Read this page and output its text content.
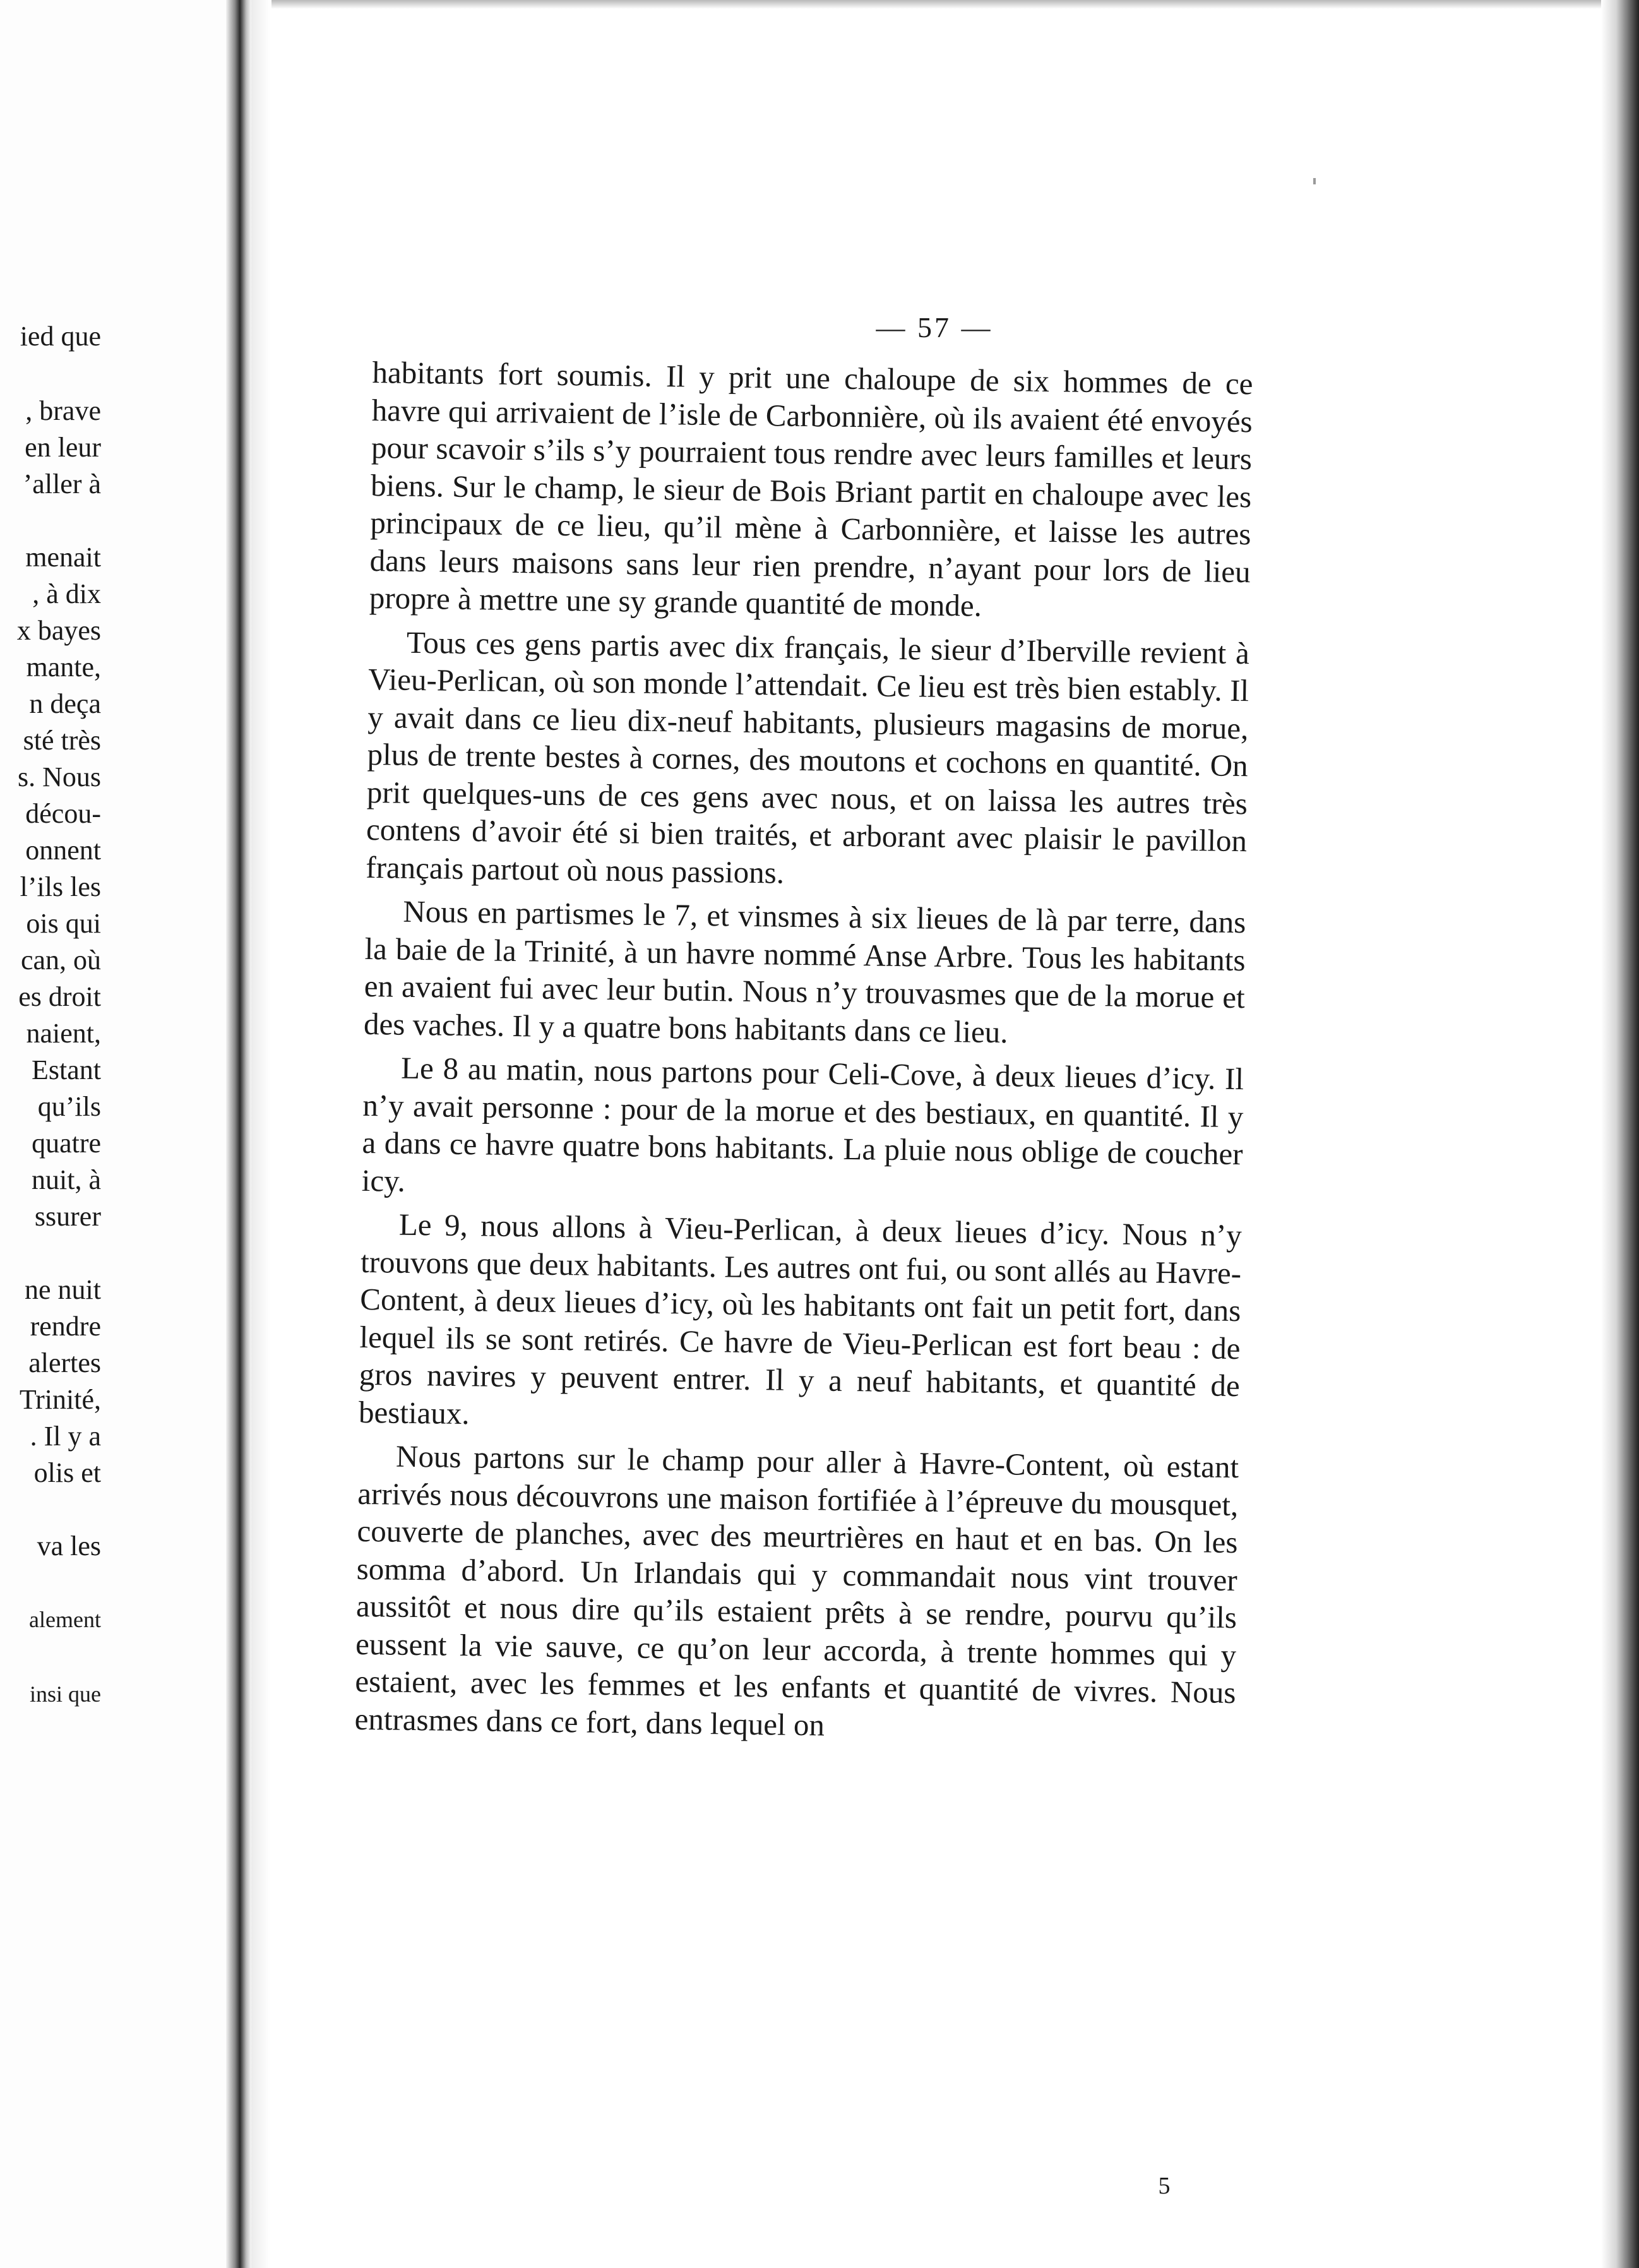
ied que
, brave
en leur
’aller à
menait
, à dix
x bayes
mante,
n deça
sté très
s. Nous
décou-
onnent
l’ils les
ois qui
can, où
es droit
naient,
Estant
qu’ils
quatre
nuit, à
ssurer
ne nuit
rendre
alertes
Trinité,
. Il y a
olis et
va les
alement
insi que

— 57 —

habitants fort soumis. Il y prit une chaloupe de six hommes de ce havre qui arrivaient de l’isle de Carbonnière, où ils avaient été envoyés pour scavoir s’ils s’y pourraient tous rendre avec leurs familles et leurs biens. Sur le champ, le sieur de Bois Briant partit en chaloupe avec les principaux de ce lieu, qu’il mène à Carbonnière, et laisse les autres dans leurs maisons sans leur rien prendre, n’ayant pour lors de lieu propre à mettre une sy grande quantité de monde.

Tous ces gens partis avec dix français, le sieur d’Iberville revient à Vieu-Perlican, où son monde l’attendait. Ce lieu est très bien estably. Il y avait dans ce lieu dix-neuf habitants, plusieurs magasins de morue, plus de trente bestes à cornes, des moutons et cochons en quantité. On prit quelques-uns de ces gens avec nous, et on laissa les autres très contens d’avoir été si bien traités, et arborant avec plaisir le pavillon français partout où nous passions.

Nous en partismes le 7, et vinsmes à six lieues de là par terre, dans la baie de la Trinité, à un havre nommé Anse Arbre. Tous les habitants en avaient fui avec leur butin. Nous n’y trouvasmes que de la morue et des vaches. Il y a quatre bons habitants dans ce lieu.

Le 8 au matin, nous partons pour Celi-Cove, à deux lieues d’icy. Il n’y avait personne : pour de la morue et des bestiaux, en quantité. Il y a dans ce havre quatre bons habitants. La pluie nous oblige de coucher icy.

Le 9, nous allons à Vieu-Perlican, à deux lieues d’icy. Nous n’y trouvons que deux habitants. Les autres ont fui, ou sont allés au Havre-Content, à deux lieues d’icy, où les habitants ont fait un petit fort, dans lequel ils se sont retirés. Ce havre de Vieu-Perlican est fort beau : de gros navires y peuvent entrer. Il y a neuf habitants, et quantité de bestiaux.

Nous partons sur le champ pour aller à Havre-Content, où estant arrivés nous découvrons une maison fortifiée à l’épreuve du mousquet, couverte de planches, avec des meurtrières en haut et en bas. On les somma d’abord. Un Irlandais qui y commandait nous vint trouver aussitôt et nous dire qu’ils estaient prêts à se rendre, pourvu qu’ils eussent la vie sauve, ce qu’on leur accorda, à trente hommes qui y estaient, avec les femmes et les enfants et quantité de vivres. Nous entrasmes dans ce fort, dans lequel on

5
